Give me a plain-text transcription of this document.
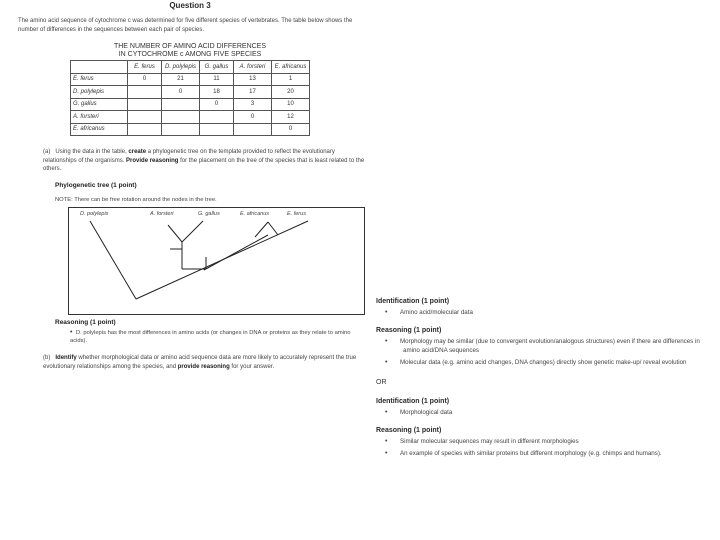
Question 3
The amino acid sequence of cytochrome c was determined for five different species of vertebrates. The table below shows the number of differences in the sequences between each pair of species.
THE NUMBER OF AMINO ACID DIFFERENCES
IN CYTOCHROME c AMONG FIVE SPECIES
	E. ferus	D. polylepis	G. gallus	A. forsteri	E. africanus
E. ferus	0	21	11	13	1
D. polylepis		0	18	17	20
G. gallus			0	3	10
A. forsteri				0	12
E. africanus					0
(a) Using the data in the table, create a phylogenetic tree on the template provided to reflect the evolutionary relationships of the organisms. Provide reasoning for the placement on the tree of the species that is least related to the others.
Phylogenetic tree (1 point)
NOTE: There can be free rotation around the nodes in the tree.
D. polylepis	A. forsteri	G. gallus	E. africanus	E. ferus
Reasoning (1 point)
• D. polylepis has the most differences in amino acids (or changes in DNA or proteins as they relate to amino acids).
(b) Identify whether morphological data or amino acid sequence data are more likely to accurately represent the true evolutionary relationships among the species, and provide reasoning for your answer.
Identification (1 point)
• Amino acid/molecular data
Reasoning (1 point)
• Morphology may be similar (due to convergent evolution/analogous structures) even if there are differences in amino acid/DNA sequences
• Molecular data (e.g. amino acid changes, DNA changes) directly show genetic make-up/ reveal evolution
OR
Identification (1 point)
• Morphological data
Reasoning (1 point)
• Similar molecular sequences may result in different morphologies
• An example of species with similar proteins but different morphology (e.g. chimps and humans).
